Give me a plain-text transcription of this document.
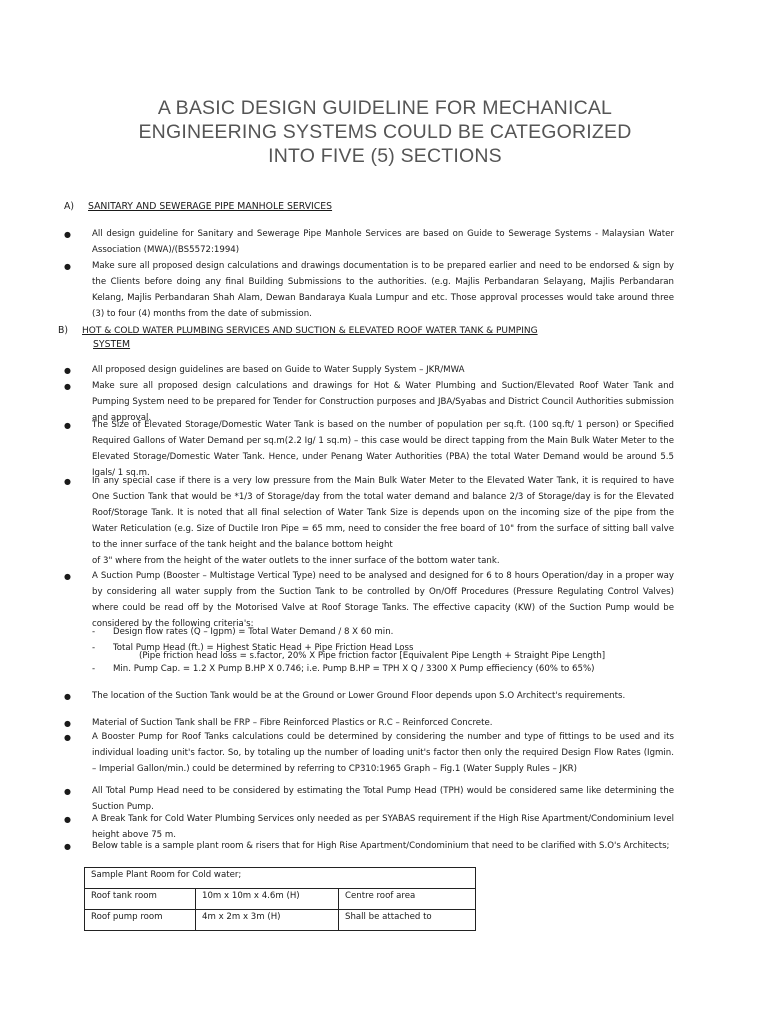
A BASIC DESIGN GUIDELINE FOR MECHANICAL
ENGINEERING SYSTEMS COULD BE CATEGORIZED
INTO FIVE (5) SECTIONS
A) SANITARY AND SEWERAGE PIPE MANHOLE SERVICES
● All design guideline for Sanitary and Sewerage Pipe Manhole Services are based on Guide to Sewerage Systems - Malaysian Water Association (MWA)/(BS5572:1994)
● Make sure all proposed design calculations and drawings documentation is to be prepared earlier and need to be endorsed & sign by the Clients before doing any final Building Submissions to the authorities. (e.g. Majlis Perbandaran Selayang, Majlis Perbandaran Kelang, Majlis Perbandaran Shah Alam, Dewan Bandaraya Kuala Lumpur and etc. Those approval processes would take around three (3) to four (4) months from the date of submission.
B) HOT & COLD WATER PLUMBING SERVICES AND SUCTION & ELEVATED ROOF WATER TANK & PUMPING
SYSTEM
● All proposed design guidelines are based on Guide to Water Supply System – JKR/MWA
● Make sure all proposed design calculations and drawings for Hot & Water Plumbing and Suction/Elevated Roof Water Tank and Pumping System need to be prepared for Tender for Construction purposes and JBA/Syabas and District Council Authorities submission and approval.
● The Size of Elevated Storage/Domestic Water Tank is based on the number of population per sq.ft. (100 sq.ft/ 1 person) or Specified Required Gallons of Water Demand per sq.m(2.2 Ig/ 1 sq.m) – this case would be direct tapping from the Main Bulk Water Meter to the Elevated Storage/Domestic Water Tank. Hence, under Penang Water Authorities (PBA) the total Water Demand would be around 5.5 Igals/ 1 sq.m.
● In any special case if there is a very low pressure from the Main Bulk Water Meter to the Elevated Water Tank, it is required to have One Suction Tank that would be *1/3 of Storage/day from the total water demand and balance 2/3 of Storage/day is for the Elevated Roof/Storage Tank. It is noted that all final selection of Water Tank Size is depends upon on the incoming size of the pipe from the Water Reticulation (e.g. Size of Ductile Iron Pipe = 65 mm, need to consider the free board of 10" from the surface of sitting ball valve to the inner surface of the tank height and the balance bottom height
of 3" where from the height of the water outlets to the inner surface of the bottom water tank.
● A Suction Pump (Booster – Multistage Vertical Type) need to be analysed and designed for 6 to 8 hours Operation/day in a proper way by considering all water supply from the Suction Tank to be controlled by On/Off Procedures (Pressure Regulating Control Valves) where could be read off by the Motorised Valve at Roof Storage Tanks. The effective capacity (KW) of the Suction Pump would be considered by the following criteria's:
- Design flow rates (Q – Igpm) = Total Water Demand / 8 X 60 min.
- Total Pump Head (ft.) = Highest Static Head + Pipe Friction Head Loss
(Pipe friction head loss = s.factor, 20% X Pipe friction factor [Equivalent Pipe Length + Straight Pipe Length]
- Min. Pump Cap. = 1.2 X Pump B.HP X 0.746; i.e. Pump B.HP = TPH X Q / 3300 X Pump effieciency (60% to 65%)
● The location of the Suction Tank would be at the Ground or Lower Ground Floor depends upon S.O Architect's requirements.
● Material of Suction Tank shall be FRP – Fibre Reinforced Plastics or R.C – Reinforced Concrete.
● A Booster Pump for Roof Tanks calculations could be determined by considering the number and type of fittings to be used and its individual loading unit's factor. So, by totaling up the number of loading unit's factor then only the required Design Flow Rates (Igmin. – Imperial Gallon/min.) could be determined by referring to CP310:1965 Graph – Fig.1 (Water Supply Rules – JKR)
● All Total Pump Head need to be considered by estimating the Total Pump Head (TPH) would be considered same like determining the Suction Pump.
● A Break Tank for Cold Water Plumbing Services only needed as per SYABAS requirement if the High Rise Apartment/Condominium level height above 75 m.
● Below table is a sample plant room & risers that for High Rise Apartment/Condominium that need to be clarified with S.O's Architects;
Sample Plant Room for Cold water;		
Roof tank room	10m x 10m x 4.6m (H)	Centre roof area
Roof pump room	4m x 2m x 3m (H)	Shall be attached to
